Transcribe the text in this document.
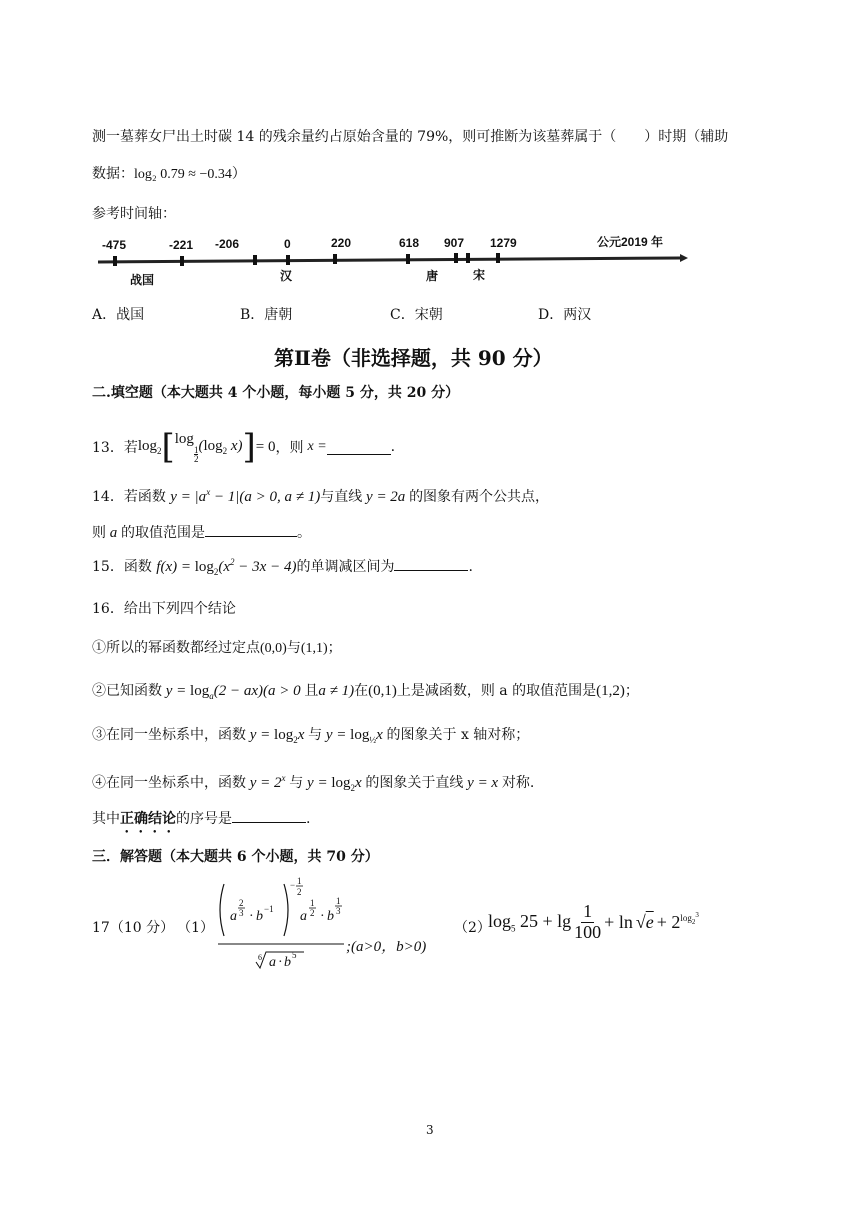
测一墓葬女尸出土时碳 14 的残余量约占原始含量的 79%，则可推断为该墓葬属于（　　）时期（辅助
数据：log₂ 0.79 ≈ −0.34）
参考时间轴：
-475	-221 -206	0	220	618 907 1279	公元2019 年
战国	汉	唐	宋
A．战国	B．唐朝	C．宋朝	D．两汉
第Ⅱ卷（非选择题，共 90 分）
二.填空题（本大题共 4 个小题，每小题 5 分，共 20 分）
13． 若 $\log_2$ [ log
$_{\frac{1}{2}}$ ($\log_2$ x) ] = 0 ，则 x =	.
14．若函数 $y = |a^x - 1|(a > 0$, a ≠ 1)与直线 y = 2a 的图象有两个公共点，
则 a 的取值范围是	。
15．函数 $f(x) = \log_2(x^2 - 3x - 4)$的单调减区间为	.
16．给出下列四个结论
①所以的幂函数都经过定点(0,0)与(1,1)；
②已知函数 $y = \log_a(2 - ax)(a > 0$ 且a ≠ 1)在(0,1)上是减函数，则 a 的取值范围是(1,2)；
③在同一坐标系中，函数 $y = \log_2x$ 与 $y = \log_{\frac{1}{2}}x$ 的图象关于 x 轴对称；
④在同一坐标系中，函数 $y = 2^x$ 与 $y = \log_2x$ 的图象关于直线 y = x 对称.
其中正确结论的序号是	.
三．解答题（本大题共 6 个小题，共 70 分）
17（10 分） （1）
a
2
3 · b −1
− 1
2
a
1
2 · b
1
3
6 a · b 5	;(a>0，b>0)
（2）
$\log_5 25 + \lg \frac{1}{100} + \ln √e + 2^{log_2^3}$
3
